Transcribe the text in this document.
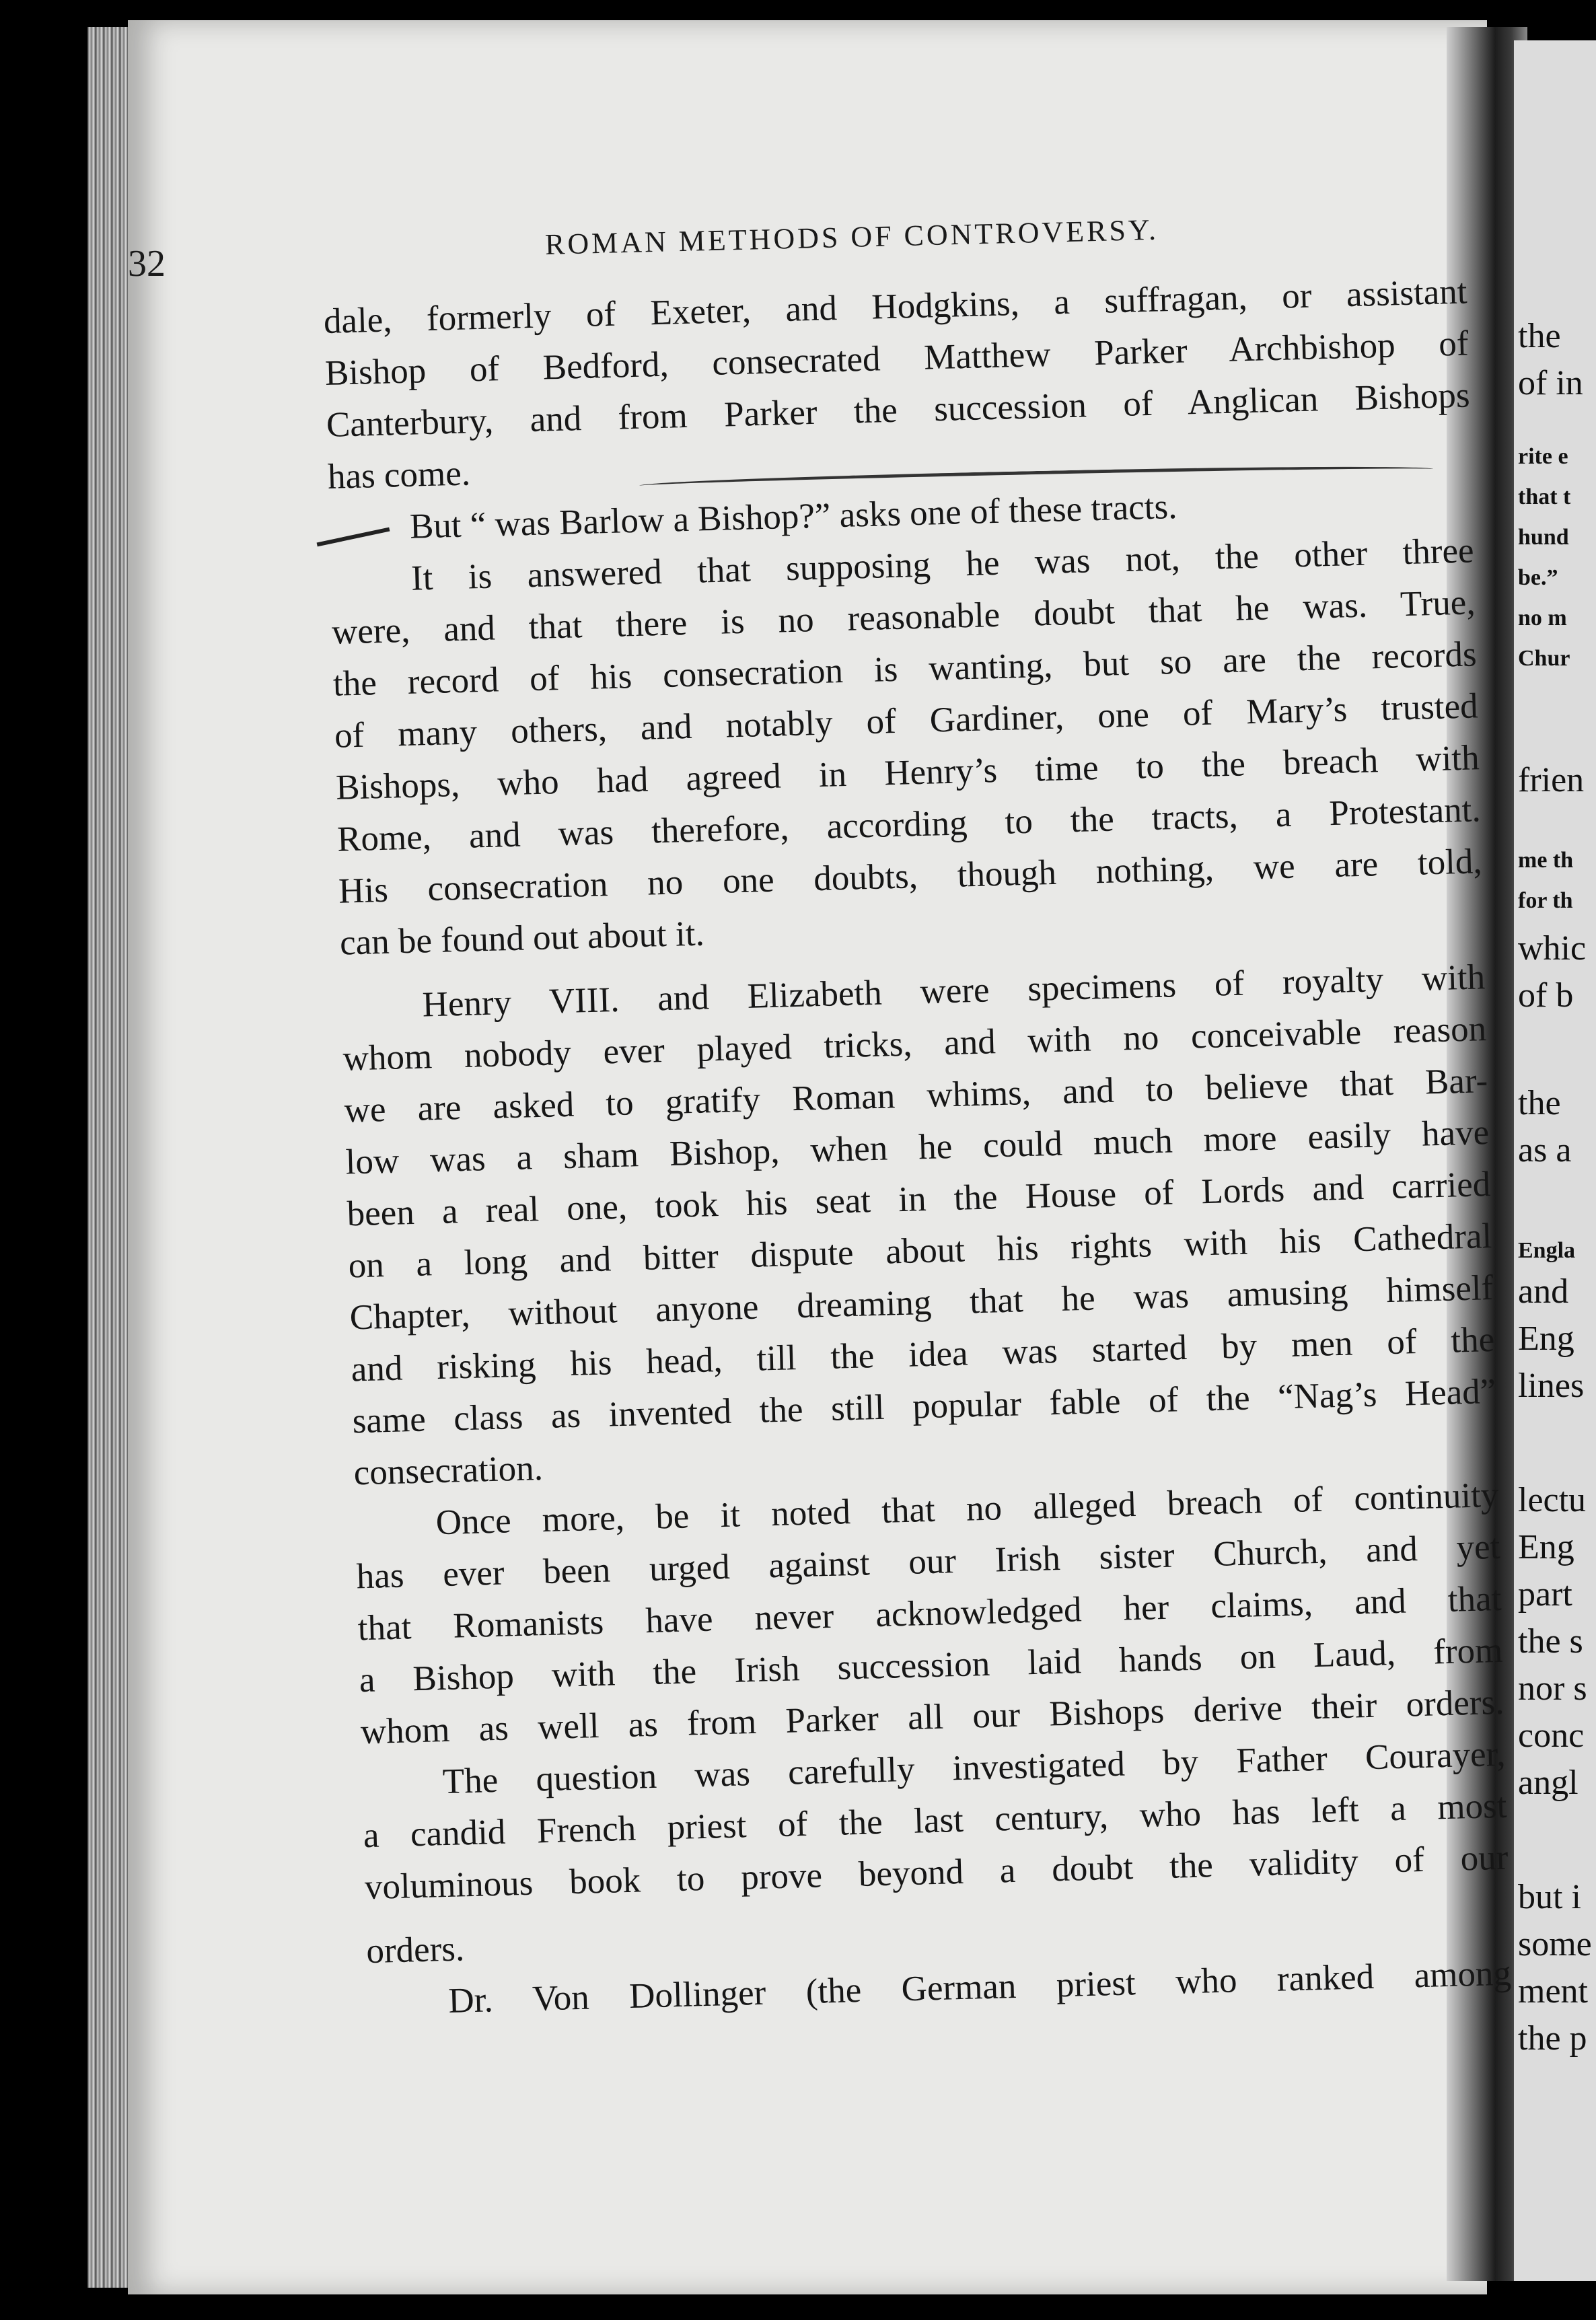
the
of in
rite e
that t
hund
be.”
no m
Chur
frien
me th
for th
whic
of b
the
as a
Engla
and
Eng
lines
lectu
Eng
part
the s
nor s
conc
angl
but i
some
ment
the p
32
ROMAN METHODS OF CONTROVERSY.
dale, formerly of Exeter, and Hodgkins, a suffragan, or assistant
Bishop of Bedford, consecrated Matthew Parker Archbishop of
Canterbury, and from Parker the succession of Anglican Bishops
has come.
But “ was Barlow a Bishop?” asks one of these tracts.
It is answered that supposing he was not, the other three
were, and that there is no reasonable doubt that he was. True,
the record of his consecration is wanting, but so are the records
of many others, and notably of Gardiner, one of Mary’s trusted
Bishops, who had agreed in Henry’s time to the breach with
Rome, and was therefore, according to the tracts, a Protestant.
His consecration no one doubts, though nothing, we are told,
can be found out about it.
Henry VIII. and Elizabeth were specimens of royalty with
whom nobody ever played tricks, and with no conceivable reason
we are asked to gratify Roman whims, and to believe that Bar-
low was a sham Bishop, when he could much more easily have
been a real one, took his seat in the House of Lords and carried
on a long and bitter dispute about his rights with his Cathedral
Chapter, without anyone dreaming that he was amusing himself
and risking his head, till the idea was started by men of the
same class as invented the still popular fable of the “Nag’s Head”
consecration.
Once more, be it noted that no alleged breach of continuity
has ever been urged against our Irish sister Church, and yet
that Romanists have never acknowledged her claims, and that
a Bishop with the Irish succession laid hands on Laud, from
whom as well as from Parker all our Bishops derive their orders.
The question was carefully investigated by Father Courayer,
a candid French priest of the last century, who has left a most
voluminous book to prove beyond a doubt the validity of our
orders.
Dr. Von Dollinger (the German priest who ranked among
